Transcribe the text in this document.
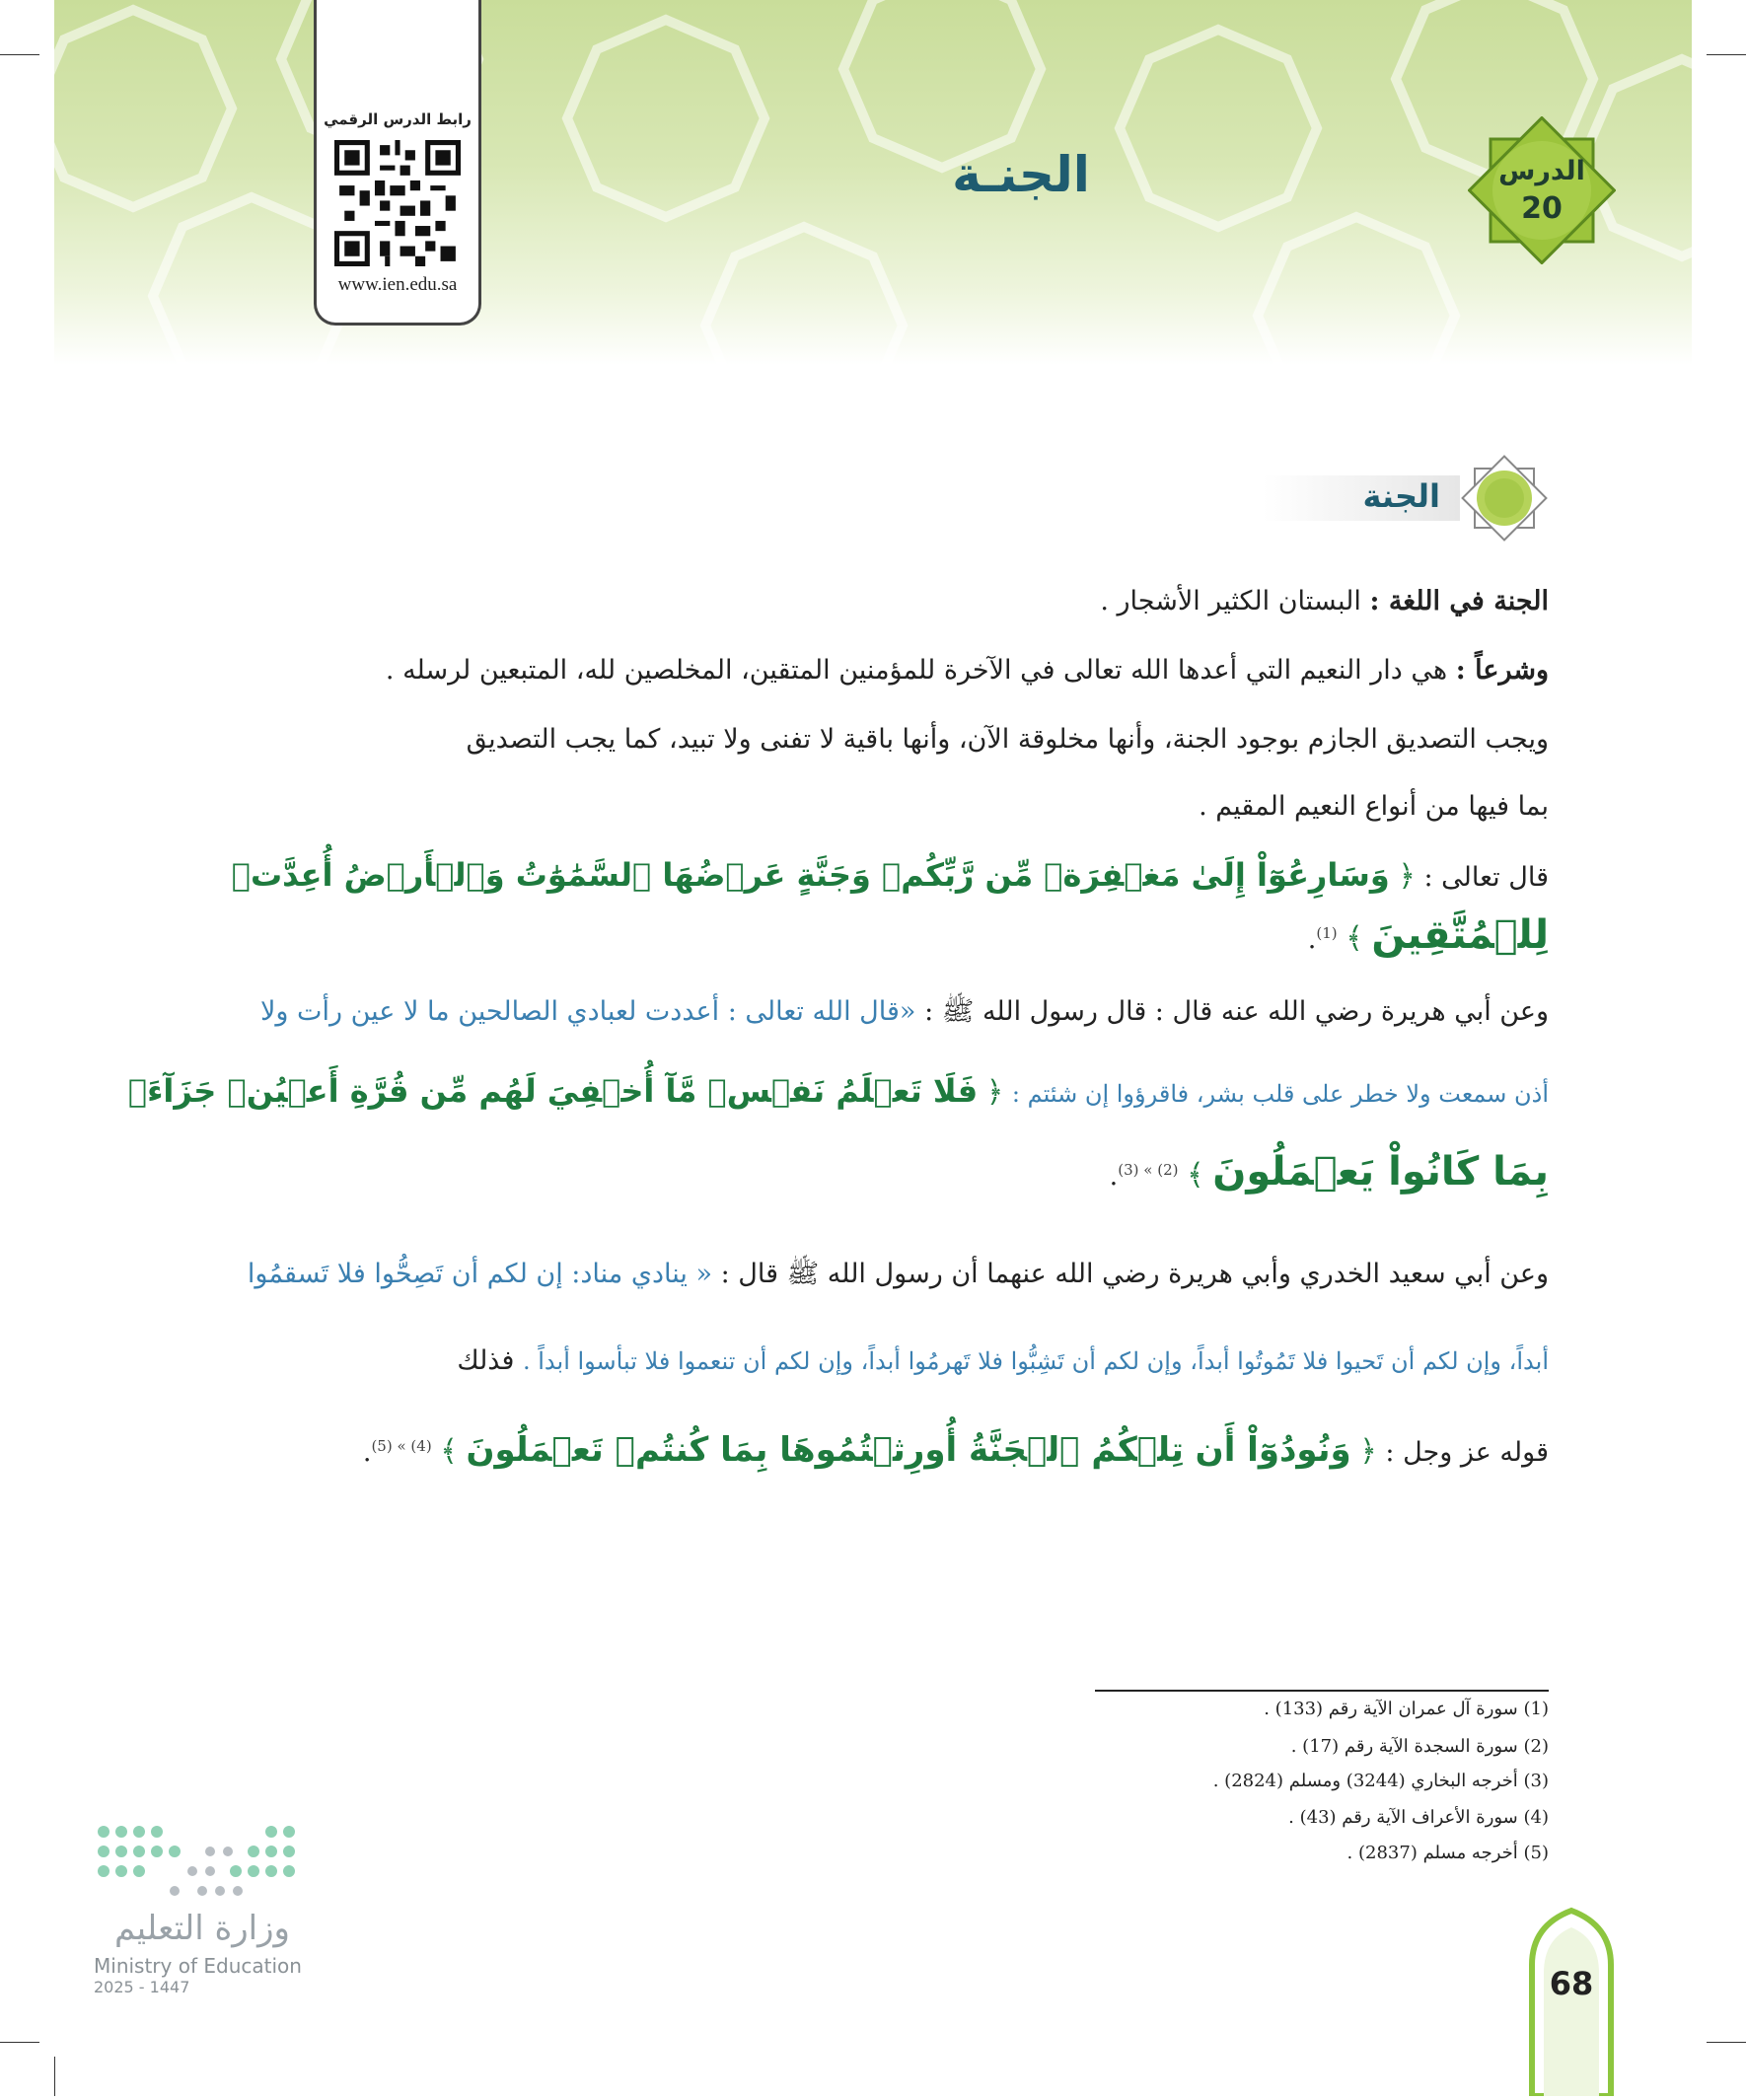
الجنـة
رابط الدرس الرقمي
www.ien.edu.sa
الدرس
20
الجنة
الجنة في اللغة : البستان الكثير الأشجار .
وشرعاً : هي دار النعيم التي أعدها الله تعالى في الآخرة للمؤمنين المتقين، المخلصين لله، المتبعين لرسله .
ويجب التصديق الجازم بوجود الجنة، وأنها مخلوقة الآن، وأنها باقية لا تفنى ولا تبيد، كما يجب التصديق
بما فيها من أنواع النعيم المقيم .
قال تعالى : ﴿ وَسَارِعُوٓاْ إِلَىٰ مَغۡفِرَةٖ مِّن رَّبِّكُمۡ وَجَنَّةٍ عَرۡضُهَا ٱلسَّمَٰوَٰتُ وَٱلۡأَرۡضُ أُعِدَّتۡ
لِلۡمُتَّقِينَ ﴾ $^{(1)}$.
وعن أبي هريرة رضي الله عنه قال : قال رسول الله ﷺ : «قال الله تعالى : أعددت لعبادي الصالحين ما لا عين رأت ولا
أذن سمعت ولا خطر على قلب بشر، فاقرؤوا إن شئتم : ﴿ فَلَا تَعۡلَمُ نَفۡسٞ مَّآ أُخۡفِيَ لَهُم مِّن قُرَّةِ أَعۡيُنٖ جَزَآءَۢ
بِمَا كَانُواْ يَعۡمَلُونَ ﴾ $^{(2) » (3)}$.
وعن أبي سعيد الخدري وأبي هريرة رضي الله عنهما أن رسول الله ﷺ قال : « ينادي مناد: إن لكم أن تَصِحُّوا فلا تَسقمُوا
أبداً، وإن لكم أن تَحيوا فلا تَمُوتُوا أبداً، وإن لكم أن تَشِبُّوا فلا تَهرمُوا أبداً، وإن لكم أن تنعموا فلا تبأسوا أبداً . فذلك
قوله عز وجل : ﴿ وَنُودُوٓاْ أَن تِلۡكُمُ ٱلۡجَنَّةُ أُورِثۡتُمُوهَا بِمَا كُنتُمۡ تَعۡمَلُونَ ﴾ $^{(4) » (5)}$.
(1) سورة آل عمران الآية رقم (133) .
(2) سورة السجدة الآية رقم (17) .
(3) أخرجه البخاري (3244) ومسلم (2824) .
(4) سورة الأعراف الآية رقم (43) .
(5) أخرجه مسلم (2837) .
وزارة التعليم
Ministry of Education
2025 - 1447	68
